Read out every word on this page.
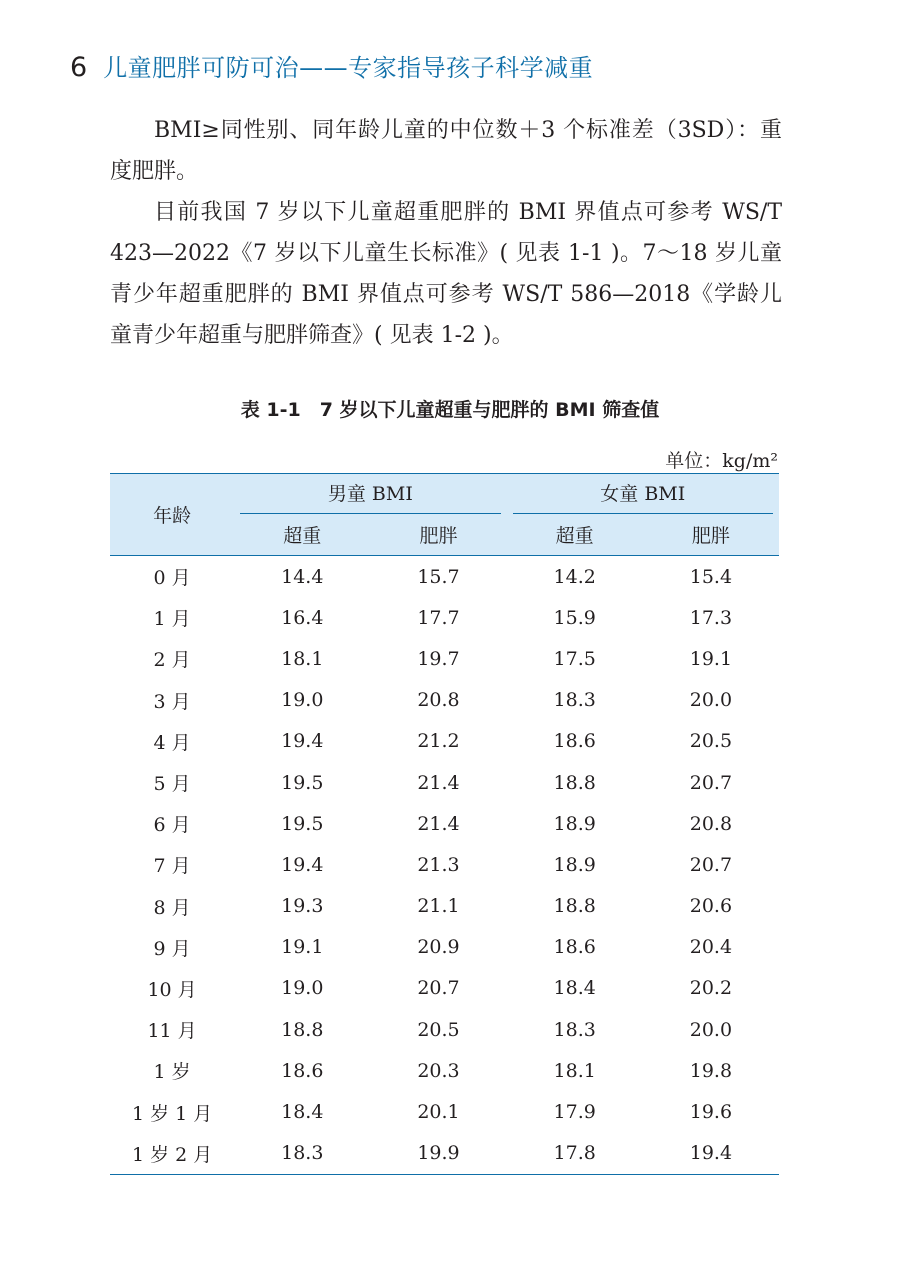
6 儿童肥胖可防可治——专家指导孩子科学减重

BMI≥同性别、同年龄儿童的中位数＋3 个标准差（3SD）：重度肥胖。

目前我国 7 岁以下儿童超重肥胖的 BMI 界值点可参考 WS/T 423—2022《7 岁以下儿童生长标准》( 见表 1-1 )。7～18 岁儿童青少年超重肥胖的 BMI 界值点可参考 WS/T 586—2018《学龄儿童青少年超重与肥胖筛查》( 见表 1-2 )。

表 1-1　7 岁以下儿童超重与肥胖的 BMI 筛查值
单位：kg/m²
年龄	男童 BMI		女童 BMI	
	超重	肥胖	超重	肥胖
0 月	14.4	15.7	14.2	15.4
1 月	16.4	17.7	15.9	17.3
2 月	18.1	19.7	17.5	19.1
3 月	19.0	20.8	18.3	20.0
4 月	19.4	21.2	18.6	20.5
5 月	19.5	21.4	18.8	20.7
6 月	19.5	21.4	18.9	20.8
7 月	19.4	21.3	18.9	20.7
8 月	19.3	21.1	18.8	20.6
9 月	19.1	20.9	18.6	20.4
10 月	19.0	20.7	18.4	20.2
11 月	18.8	20.5	18.3	20.0
1 岁	18.6	20.3	18.1	19.8
1 岁 1 月	18.4	20.1	17.9	19.6
1 岁 2 月	18.3	19.9	17.8	19.4
